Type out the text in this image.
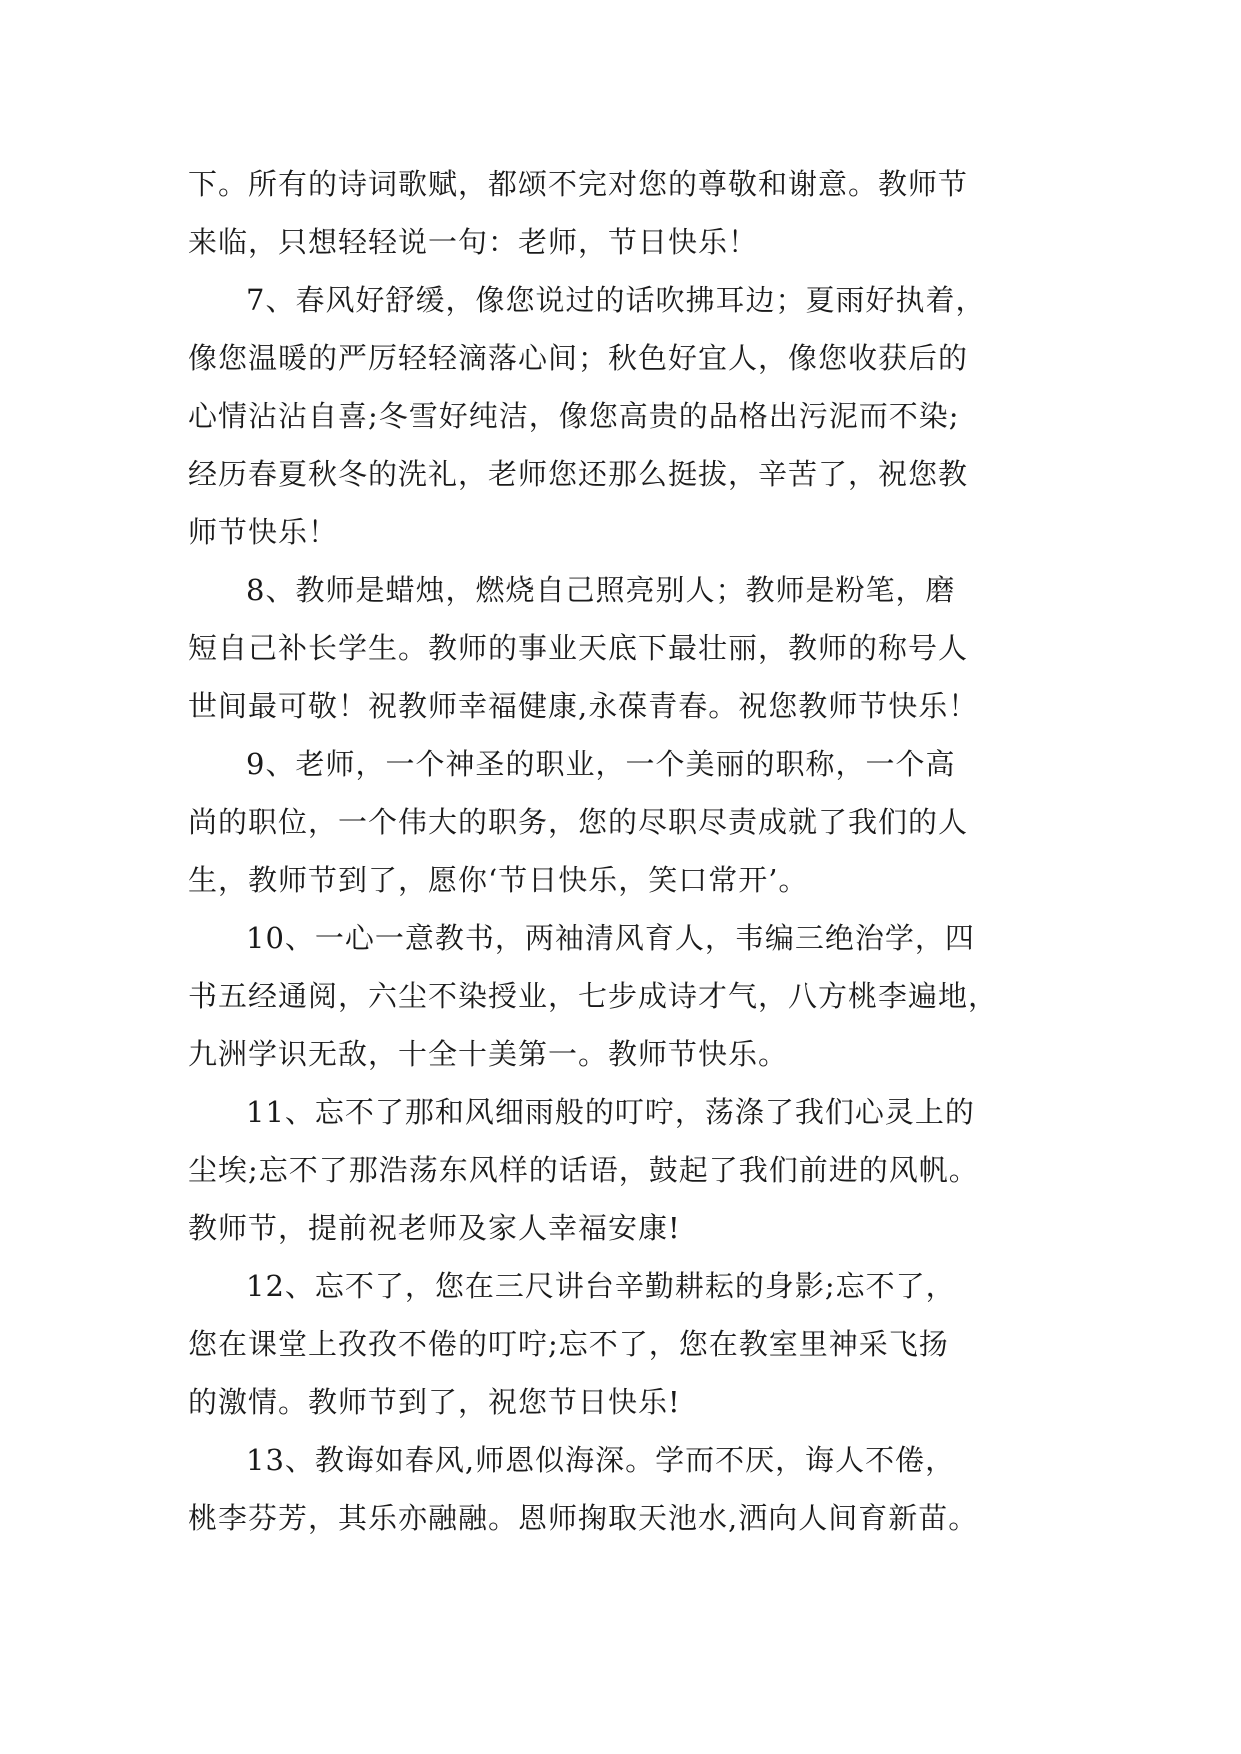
下。所有的诗词歌赋，都颂不完对您的尊敬和谢意。教师节
来临，只想轻轻说一句：老师，节日快乐！
7、春风好舒缓，像您说过的话吹拂耳边；夏雨好执着，
像您温暖的严厉轻轻滴落心间；秋色好宜人，像您收获后的
心情沾沾自喜;冬雪好纯洁，像您高贵的品格出污泥而不染;
经历春夏秋冬的洗礼，老师您还那么挺拔，辛苦了，祝您教
师节快乐！
8、教师是蜡烛，燃烧自己照亮别人；教师是粉笔，磨
短自己补长学生。教师的事业天底下最壮丽，教师的称号人
世间最可敬！祝教师幸福健康,永葆青春。祝您教师节快乐！
9、老师，一个神圣的职业，一个美丽的职称，一个高
尚的职位，一个伟大的职务，您的尽职尽责成就了我们的人
生，教师节到了，愿你‘节日快乐，笑口常开’。
10、一心一意教书，两袖清风育人，韦编三绝治学，四
书五经通阅，六尘不染授业，七步成诗才气，八方桃李遍地，
九洲学识无敌，十全十美第一。教师节快乐。
11、忘不了那和风细雨般的叮咛，荡涤了我们心灵上的
尘埃;忘不了那浩荡东风样的话语，鼓起了我们前进的风帆。
教师节，提前祝老师及家人幸福安康!
12、忘不了，您在三尺讲台辛勤耕耘的身影;忘不了，
您在课堂上孜孜不倦的叮咛;忘不了，您在教室里神采飞扬
的激情。教师节到了，祝您节日快乐!
13、教诲如春风,师恩似海深。学而不厌，诲人不倦，
桃李芬芳，其乐亦融融。恩师掬取天池水,洒向人间育新苗。
